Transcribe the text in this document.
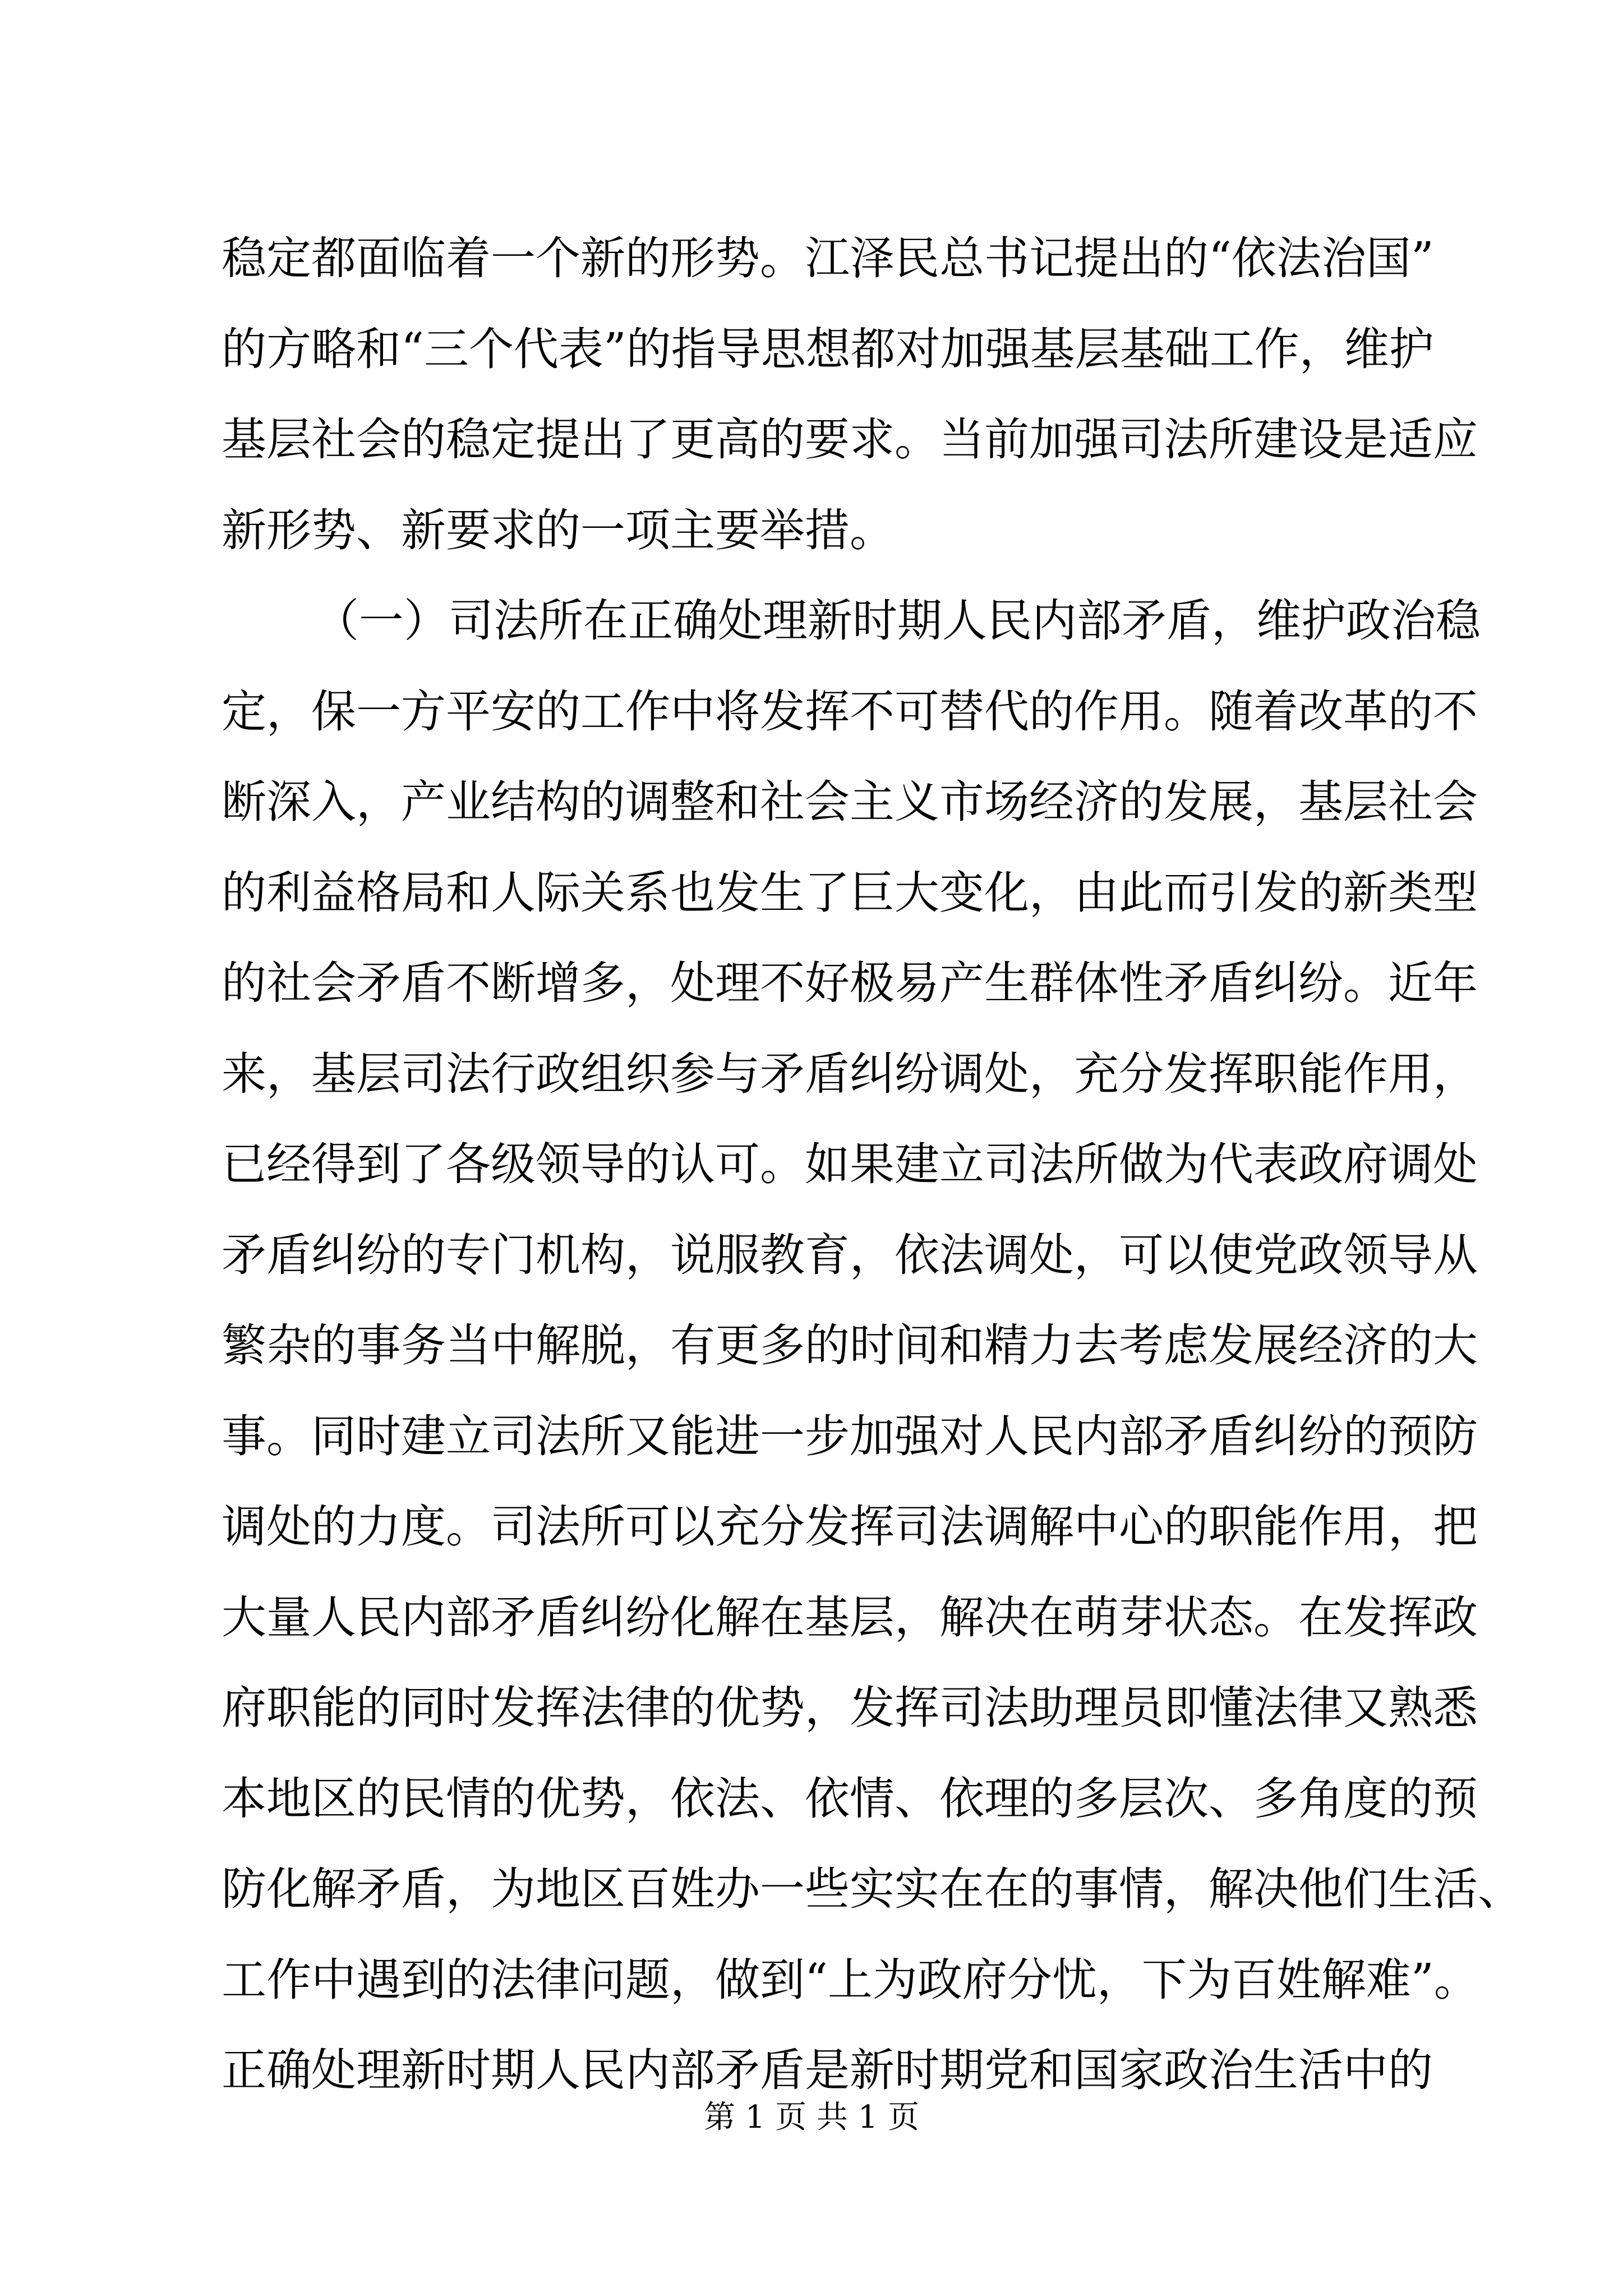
稳定都面临着一个新的形势。江泽民总书记提出的“依法治国”
的方略和“三个代表”的指导思想都对加强基层基础工作，维护
基层社会的稳定提出了更高的要求。当前加强司法所建设是适应
新形势、新要求的一项主要举措。
（一）司法所在正确处理新时期人民内部矛盾，维护政治稳
定，保一方平安的工作中将发挥不可替代的作用。随着改革的不
断深入，产业结构的调整和社会主义市场经济的发展，基层社会
的利益格局和人际关系也发生了巨大变化，由此而引发的新类型
的社会矛盾不断增多，处理不好极易产生群体性矛盾纠纷。近年
来，基层司法行政组织参与矛盾纠纷调处，充分发挥职能作用，
已经得到了各级领导的认可。如果建立司法所做为代表政府调处
矛盾纠纷的专门机构，说服教育，依法调处，可以使党政领导从
繁杂的事务当中解脱，有更多的时间和精力去考虑发展经济的大
事。同时建立司法所又能进一步加强对人民内部矛盾纠纷的预防
调处的力度。司法所可以充分发挥司法调解中心的职能作用，把
大量人民内部矛盾纠纷化解在基层，解决在萌芽状态。在发挥政
府职能的同时发挥法律的优势，发挥司法助理员即懂法律又熟悉
本地区的民情的优势，依法、依情、依理的多层次、多角度的预
防化解矛盾，为地区百姓办一些实实在在的事情，解决他们生活、
工作中遇到的法律问题，做到“上为政府分忧，下为百姓解难”。
正确处理新时期人民内部矛盾是新时期党和国家政治生活中的
第 1 页 共 1 页
